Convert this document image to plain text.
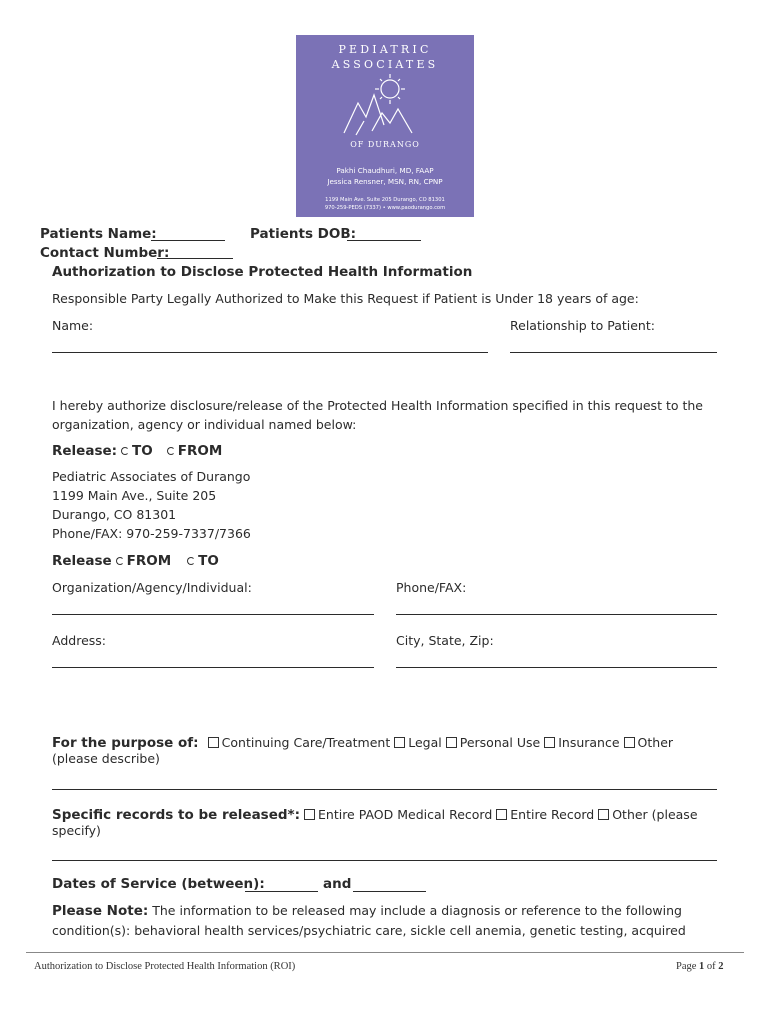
PEDIATRIC
ASSOCIATES
OF DURANGO
Pakhi Chaudhuri, MD, FAAP
Jessica Rensner, MSN, RN, CPNP
1199 Main Ave. Suite 205 Durango, CO 81301
970-259-PEDS (7337) • www.paodurango.com
Patients Name:	Patients DOB:
Contact Number:
Authorization to Disclose Protected Health Information
Responsible Party Legally Authorized to Make this Request if Patient is Under 18 years of age:
Name:	Relationship to Patient:
I hereby authorize disclosure/release of the Protected Health Information specified in this request to the
organization, agency or individual named below:
Release: TO FROM
Pediatric Associates of Durango
1199 Main Ave., Suite 205
Durango, CO 81301
Phone/FAX: 970-259-7337/7366
Release FROM TO
Organization/Agency/Individual:	Phone/FAX:
Address:	City, State, Zip:
For the purpose of: Continuing Care/Treatment Legal Personal Use Insurance Other
(please describe)
Specific records to be released*: Entire PAOD Medical Record Entire Record Other (please
specify)
Dates of Service (between):	and
Please Note: The information to be released may include a diagnosis or reference to the following
condition(s): behavioral health services/psychiatric care, sickle cell anemia, genetic testing, acquired
Authorization to Disclose Protected Health Information (ROI)	Page 1 of 2
